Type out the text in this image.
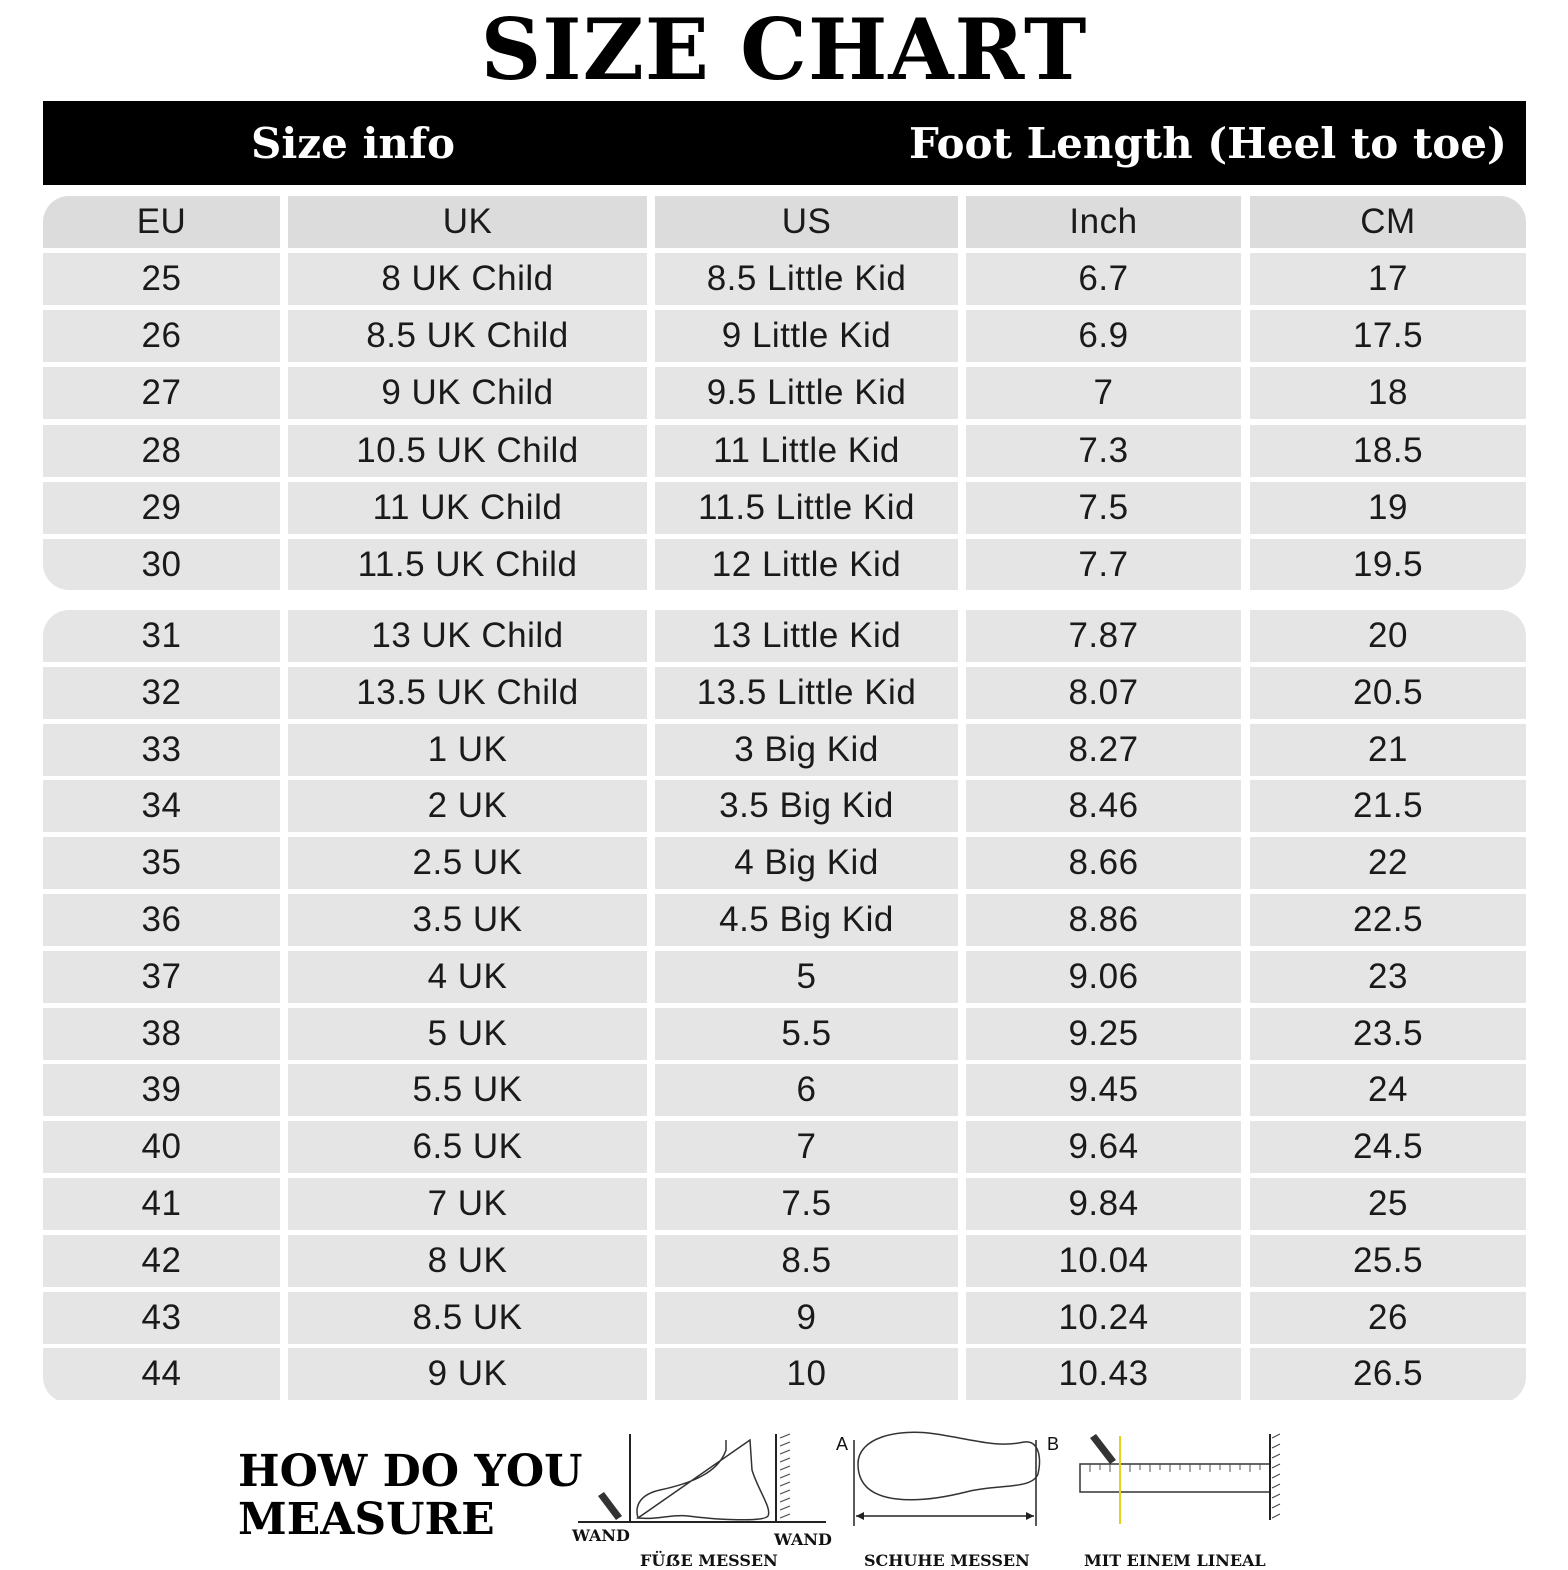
SIZE CHART
Size info	Foot Length (Heel to toe)
EU	UK	US	Inch	CM
25	8 UK Child	8.5 Little Kid	6.7	17
26	8.5 UK Child	9 Little Kid	6.9	17.5
27	9 UK Child	9.5 Little Kid	7	18
28	10.5 UK Child	11 Little Kid	7.3	18.5
29	11 UK Child	11.5 Little Kid	7.5	19
30	11.5 UK Child	12 Little Kid	7.7	19.5
31	13 UK Child	13 Little Kid	7.87	20
32	13.5 UK Child	13.5 Little Kid	8.07	20.5
33	1 UK	3 Big Kid	8.27	21
34	2 UK	3.5 Big Kid	8.46	21.5
35	2.5 UK	4 Big Kid	8.66	22
36	3.5 UK	4.5 Big Kid	8.86	22.5
37	4 UK	5	9.06	23
38	5 UK	5.5	9.25	23.5
39	5.5 UK	6	9.45	24
40	6.5 UK	7	9.64	24.5
41	7 UK	7.5	9.84	25
42	8 UK	8.5	10.04	25.5
43	8.5 UK	9	10.24	26
44	9 UK	10	10.43	26.5
HOW DO YOU
MEASURE	WAND	WAND
FÜẞE MESSEN
A	B
SCHUHE MESSEN	MIT EINEM LINEAL
